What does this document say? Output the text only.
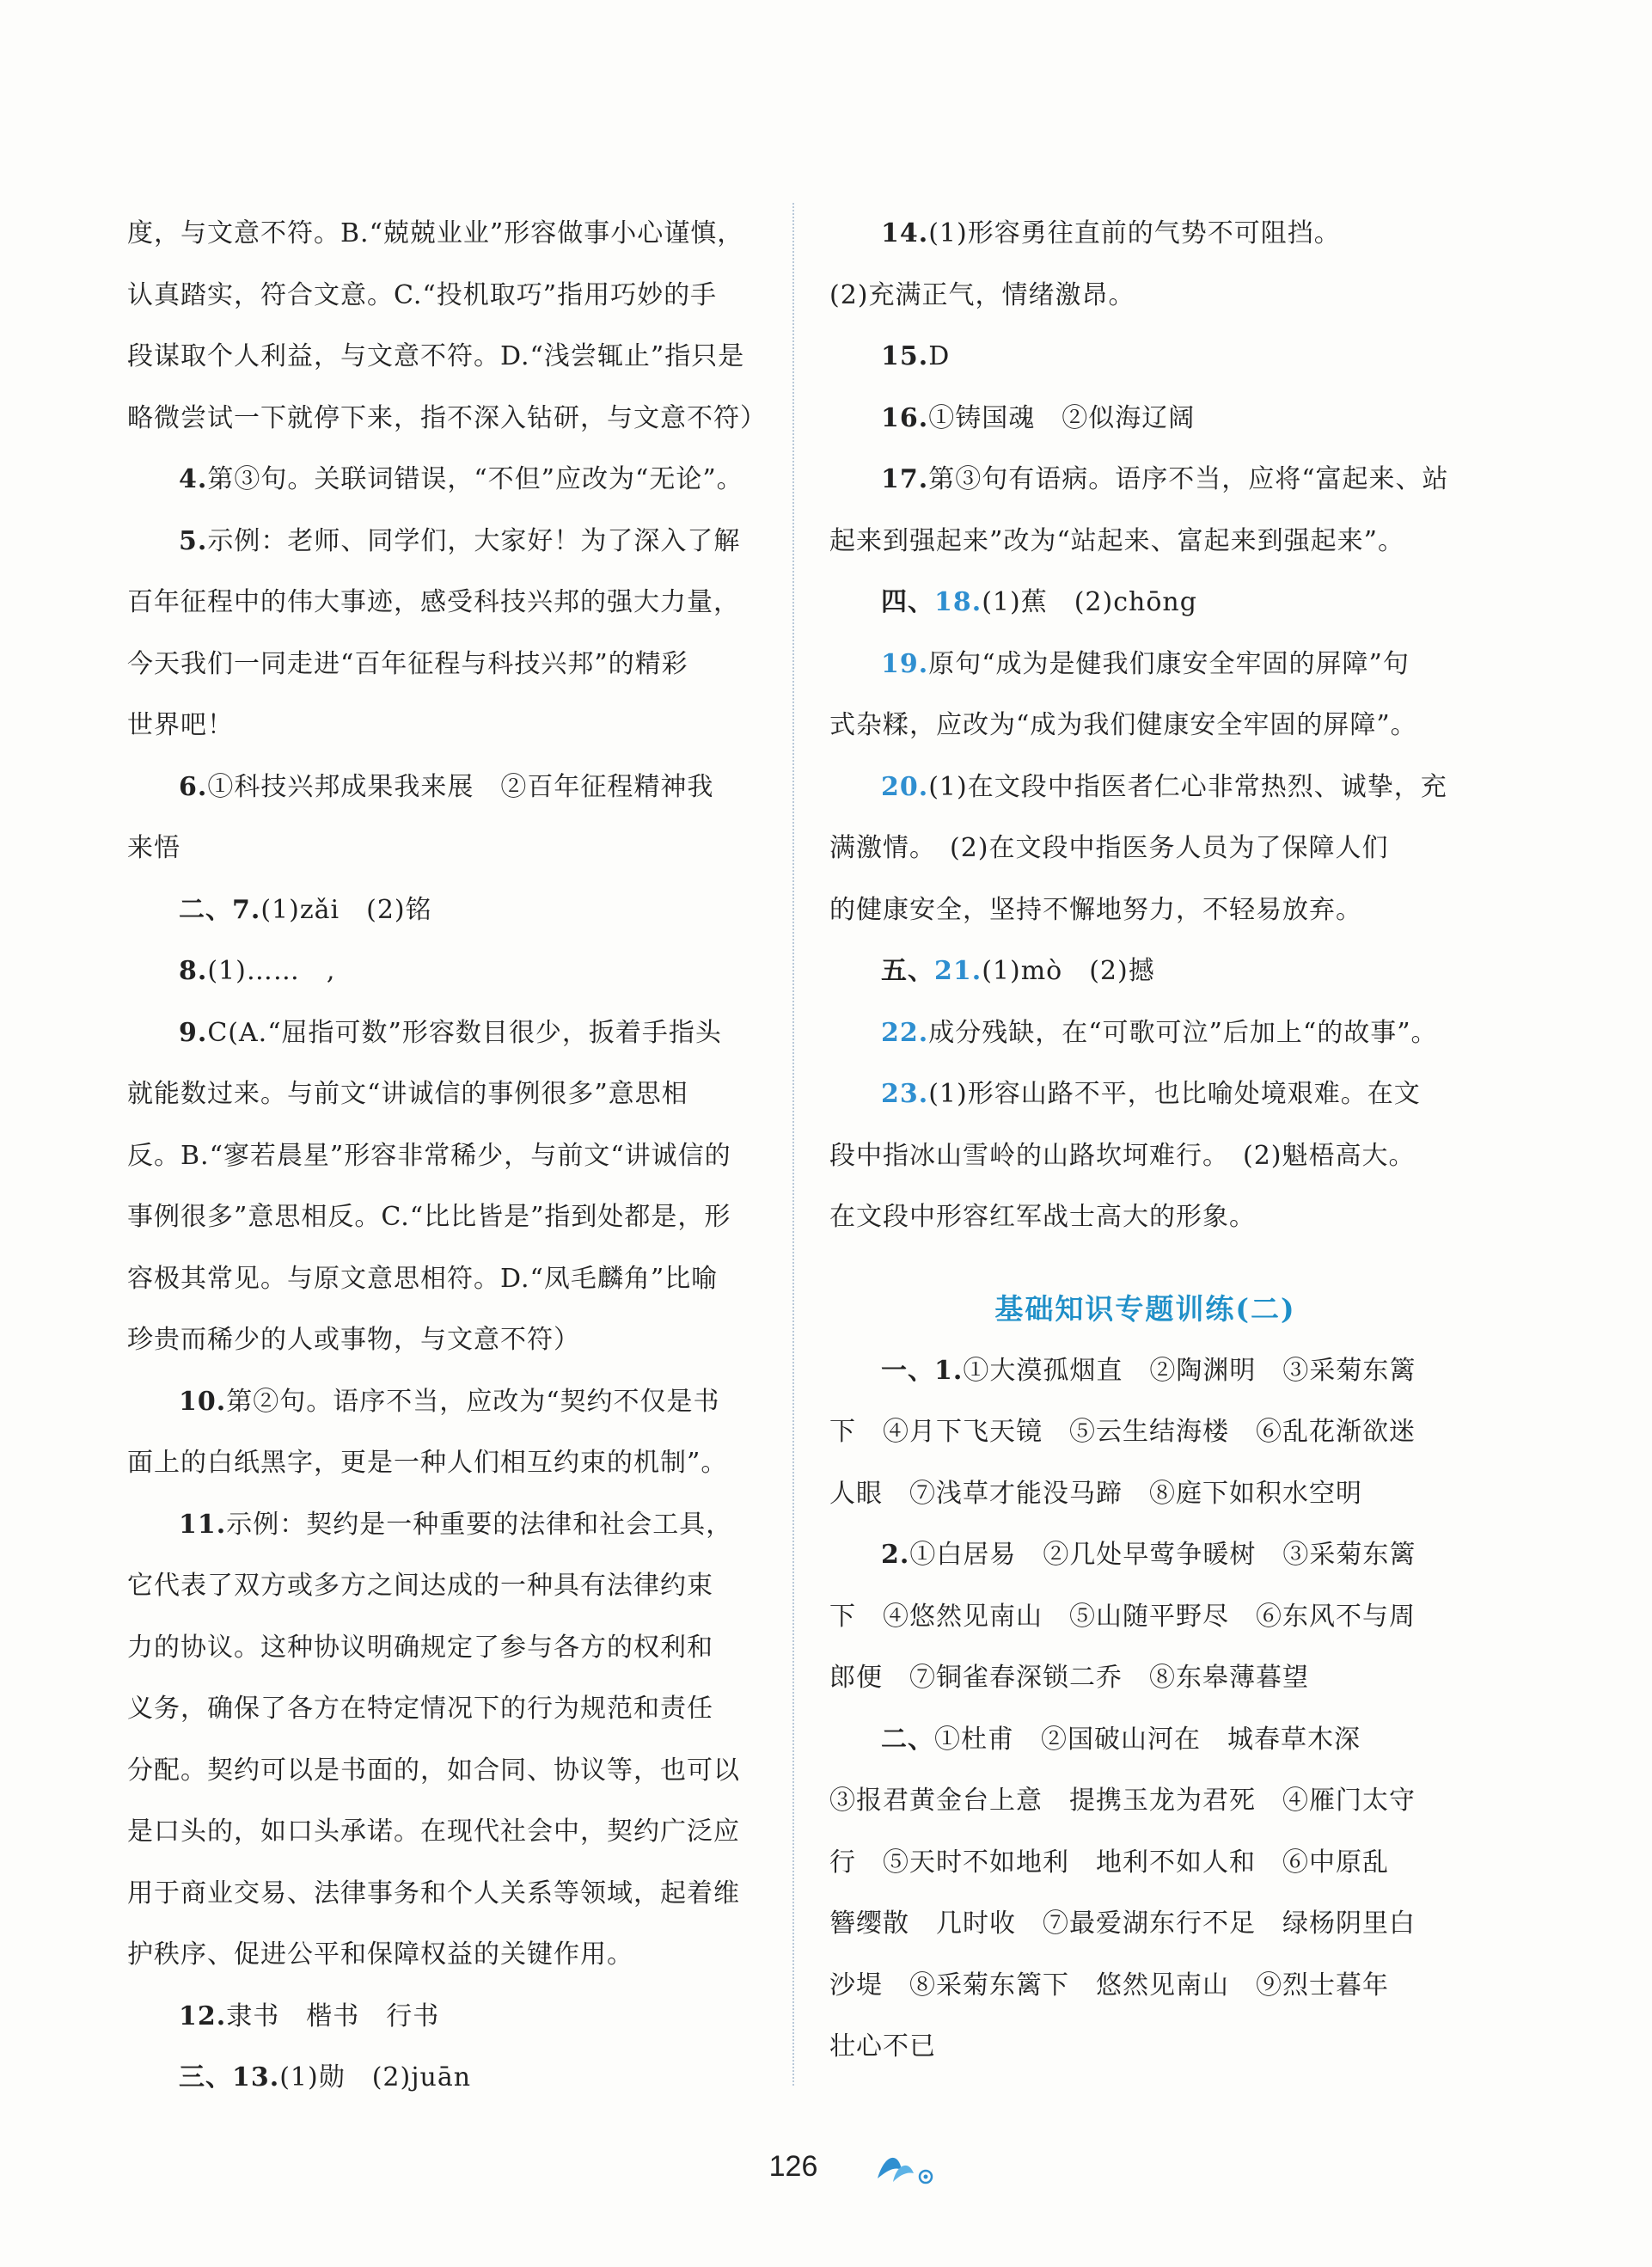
度，与文意不符。B.“兢兢业业”形容做事小心谨慎，

认真踏实，符合文意。C.“投机取巧”指用巧妙的手

段谋取个人利益，与文意不符。D.“浅尝辄止”指只是

略微尝试一下就停下来，指不深入钻研，与文意不符）

4.第③句。关联词错误，“不但”应改为“无论”。

5.示例：老师、同学们，大家好！为了深入了解

百年征程中的伟大事迹，感受科技兴邦的强大力量，

今天我们一同走进“百年征程与科技兴邦”的精彩

世界吧！

6.①科技兴邦成果我来展　②百年征程精神我

来悟

二、7.(1)zǎi　(2)铭

8.(1)……　,

9.C(A.“屈指可数”形容数目很少，扳着手指头

就能数过来。与前文“讲诚信的事例很多”意思相

反。B.“寥若晨星”形容非常稀少，与前文“讲诚信的

事例很多”意思相反。C.“比比皆是”指到处都是，形

容极其常见。与原文意思相符。D.“凤毛麟角”比喻

珍贵而稀少的人或事物，与文意不符）

10.第②句。语序不当，应改为“契约不仅是书

面上的白纸黑字，更是一种人们相互约束的机制”。

11.示例：契约是一种重要的法律和社会工具，

它代表了双方或多方之间达成的一种具有法律约束

力的协议。这种协议明确规定了参与各方的权利和

义务，确保了各方在特定情况下的行为规范和责任

分配。契约可以是书面的，如合同、协议等，也可以

是口头的，如口头承诺。在现代社会中，契约广泛应

用于商业交易、法律事务和个人关系等领域，起着维

护秩序、促进公平和保障权益的关键作用。

12.隶书　楷书　行书

三、13.(1)勋　(2)juān

14.(1)形容勇往直前的气势不可阻挡。

(2)充满正气，情绪激昂。

15.D

16.①铸国魂　②似海辽阔

17.第③句有语病。语序不当，应将“富起来、站

起来到强起来”改为“站起来、富起来到强起来”。

四、18.(1)蕉　(2)chōng

19.原句“成为是健我们康安全牢固的屏障”句

式杂糅，应改为“成为我们健康安全牢固的屏障”。

20.(1)在文段中指医者仁心非常热烈、诚挚，充

满激情。　(2)在文段中指医务人员为了保障人们

的健康安全，坚持不懈地努力，不轻易放弃。

五、21.(1)mò　(2)撼

22.成分残缺，在“可歌可泣”后加上“的故事”。

23.(1)形容山路不平，也比喻处境艰难。在文

段中指冰山雪岭的山路坎坷难行。　(2)魁梧高大。

在文段中形容红军战士高大的形象。

基础知识专题训练(二)

一、1.①大漠孤烟直　②陶渊明　③采菊东篱

下　④月下飞天镜　⑤云生结海楼　⑥乱花渐欲迷

人眼　⑦浅草才能没马蹄　⑧庭下如积水空明

2.①白居易　②几处早莺争暖树　③采菊东篱

下　④悠然见南山　⑤山随平野尽　⑥东风不与周

郎便　⑦铜雀春深锁二乔　⑧东皋薄暮望

二、①杜甫　②国破山河在　城春草木深

③报君黄金台上意　提携玉龙为君死　④雁门太守

行　⑤天时不如地利　地利不如人和　⑥中原乱

簪缨散　几时收　⑦最爱湖东行不足　绿杨阴里白

沙堤　⑧采菊东篱下　悠然见南山　⑨烈士暮年

壮心不已

126
